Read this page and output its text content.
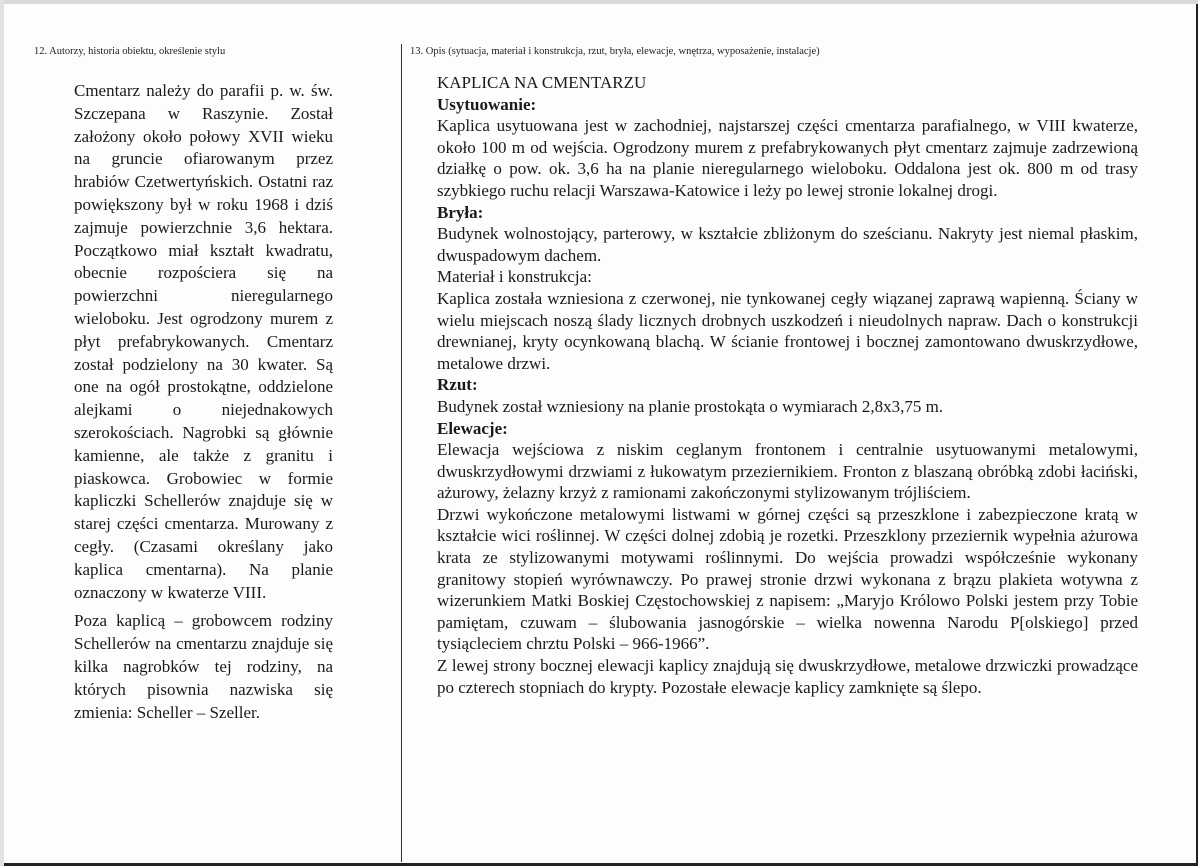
12. Autorzy, historia obiektu, określenie stylu	13. Opis (sytuacja, materiał i konstrukcja, rzut, bryła, elewacje, wnętrza, wyposażenie, instalacje)

Cmentarz należy do parafii p. w. św. Szczepana w Raszynie. Został założony około połowy XVII wieku na gruncie ofiarowanym przez hrabiów Czetwertyńskich. Ostatni raz powiększony był w roku 1968 i dziś zajmuje powierzchnie 3,6 hektara. Początkowo miał kształt kwadratu, obecnie rozpościera się na powierzchni nieregularnego wieloboku. Jest ogrodzony murem z płyt prefabrykowanych. Cmentarz został podzielony na 30 kwater. Są one na ogół prostokątne, oddzielone alejkami o niejednakowych szerokościach. Nagrobki są głównie kamienne, ale także z granitu i piaskowca. Grobowiec w formie kapliczki Schellerów znajduje się w starej części cmentarza. Murowany z cegły. (Czasami określany jako kaplica cmentarna). Na planie oznaczony w kwaterze VIII.

Poza kaplicą – grobowcem rodziny Schellerów na cmentarzu znajduje się kilka nagrobków tej rodziny, na których pisownia nazwiska się zmienia: Scheller – Szeller.

KAPLICA NA CMENTARZU

Usytuowanie:

Kaplica usytuowana jest w zachodniej, najstarszej części cmentarza parafialnego, w VIII kwaterze, około 100 m od wejścia. Ogrodzony murem z prefabrykowanych płyt cmentarz zajmuje zadrzewioną działkę o pow. ok. 3,6 ha na planie nieregularnego wieloboku. Oddalona jest ok. 800 m od trasy szybkiego ruchu relacji Warszawa-Katowice i leży po lewej stronie lokalnej drogi.

Bryła:

Budynek wolnostojący, parterowy, w kształcie zbliżonym do sześcianu. Nakryty jest niemal płaskim, dwuspadowym dachem.

Materiał i konstrukcja:

Kaplica została wzniesiona z czerwonej, nie tynkowanej cegły wiązanej zaprawą wapienną. Ściany w wielu miejscach noszą ślady licznych drobnych uszkodzeń i nieudolnych napraw. Dach o konstrukcji drewnianej, kryty ocynkowaną blachą. W ścianie frontowej i bocznej zamontowano dwuskrzydłowe, metalowe drzwi.

Rzut:

Budynek został wzniesiony na planie prostokąta o wymiarach 2,8x3,75 m.

Elewacje:

Elewacja wejściowa z niskim ceglanym frontonem i centralnie usytuowanymi metalowymi, dwuskrzydłowymi drzwiami z łukowatym przeziernikiem. Fronton z blaszaną obróbką zdobi łaciński, ażurowy, żelazny krzyż z ramionami zakończonymi stylizowanym trójliściem.

Drzwi wykończone metalowymi listwami w górnej części są przeszklone i zabezpieczone kratą w kształcie wici roślinnej. W części dolnej zdobią je rozetki. Przeszklony przeziernik wypełnia ażurowa krata ze stylizowanymi motywami roślinnymi. Do wejścia prowadzi współcześnie wykonany granitowy stopień wyrównawczy. Po prawej stronie drzwi wykonana z brązu plakieta wotywna z wizerunkiem Matki Boskiej Częstochowskiej z napisem: „Maryjo Królowo Polski jestem przy Tobie pamiętam, czuwam – ślubowania jasnogórskie – wielka nowenna Narodu P[olskiego] przed tysiącleciem chrztu Polski – 966-1966”.

Z lewej strony bocznej elewacji kaplicy znajdują się dwuskrzydłowe, metalowe drzwiczki prowadzące po czterech stopniach do krypty. Pozostałe elewacje kaplicy zamknięte są ślepo.
